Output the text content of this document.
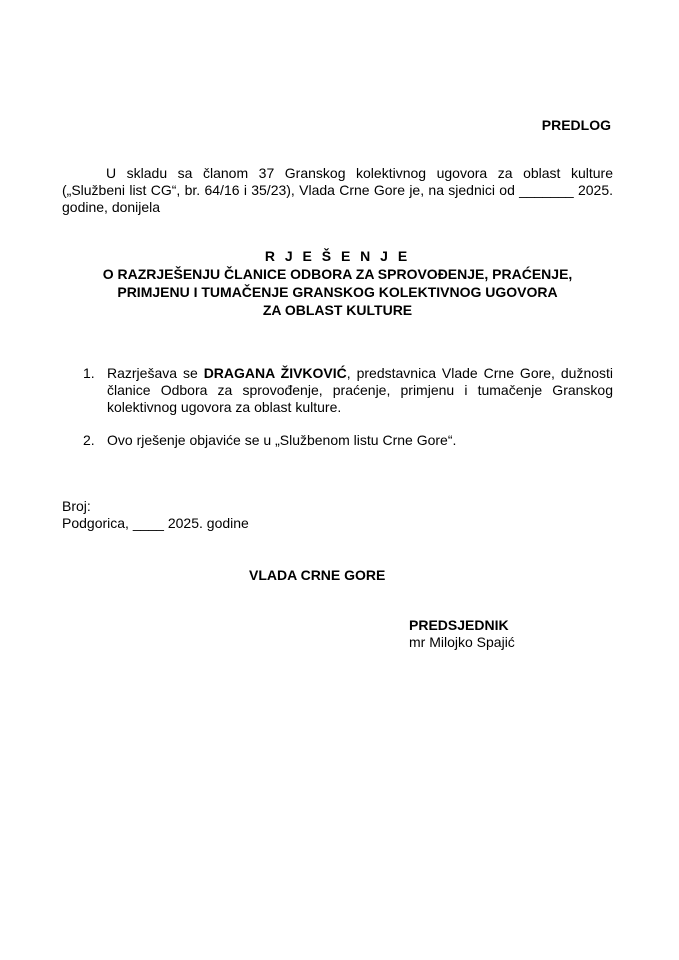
PREDLOG

U skladu sa članom 37 Granskog kolektivnog ugovora za oblast kulture („Službeni list CG“, br. 64/16 i 35/23), Vlada Crne Gore je, na sjednici od _______ 2025. godine, donijela

R J E Š E N J E
O RAZRJEŠENJU ČLANICE ODBORA ZA SPROVOĐENJE, PRAĆENJE,
PRIMJENU I TUMAČENJE GRANSKOG KOLEKTIVNOG UGOVORA
ZA OBLAST KULTURE
1. Razrješava se DRAGANA ŽIVKOVIĆ, predstavnica Vlade Crne Gore, dužnosti članice Odbora za sprovođenje, praćenje, primjenu i tumačenje Granskog kolektivnog ugovora za oblast kulture.
2. Ovo rješenje objaviće se u „Službenom listu Crne Gore“.
Broj:
Podgorica, ____ 2025. godine
VLADA CRNE GORE
PREDSJEDNIK
mr Milojko Spajić
